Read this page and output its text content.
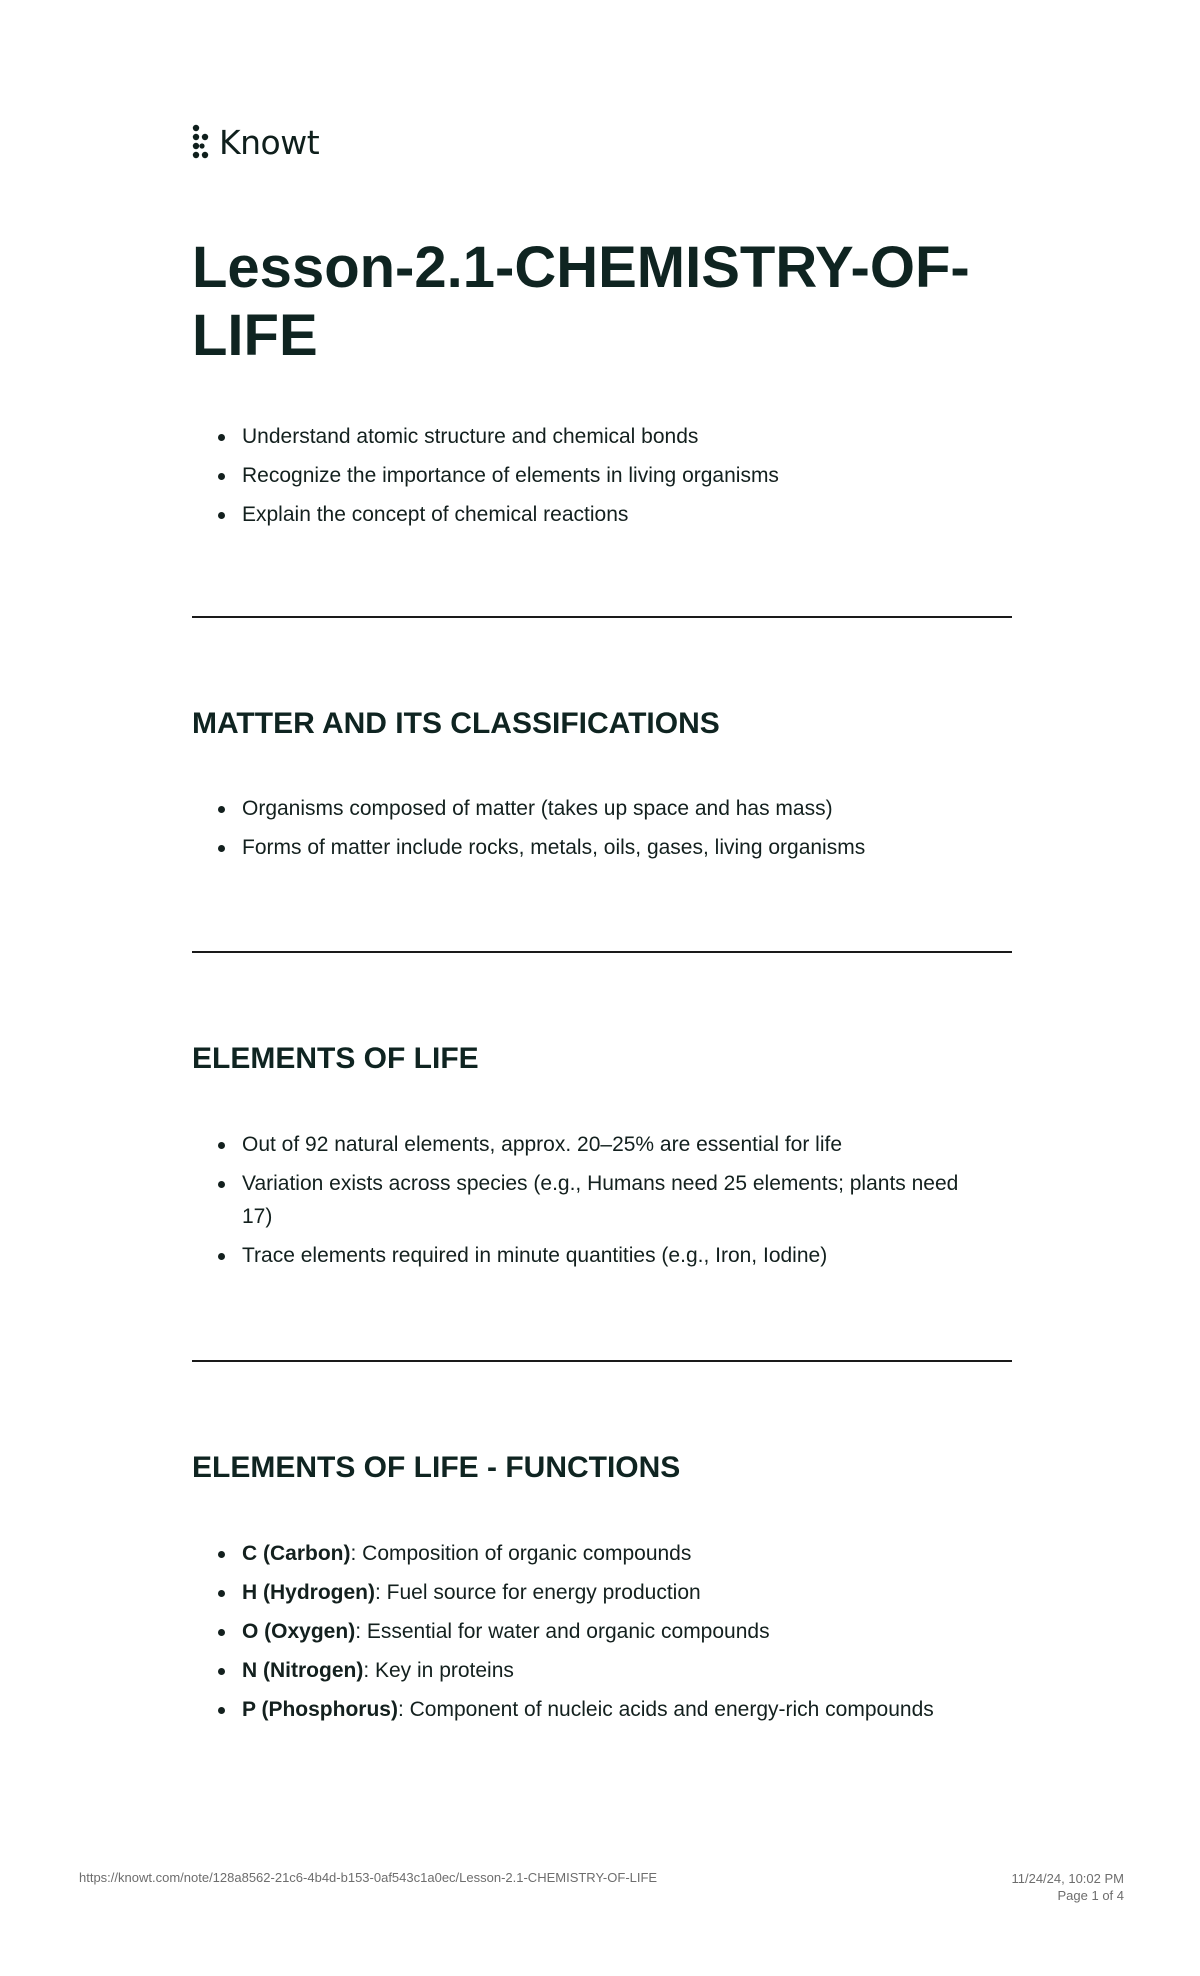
Knowt
Lesson-2.1-CHEMISTRY-OF-LIFE
Understand atomic structure and chemical bonds
Recognize the importance of elements in living organisms
Explain the concept of chemical reactions
MATTER AND ITS CLASSIFICATIONS
Organisms composed of matter (takes up space and has mass)
Forms of matter include rocks, metals, oils, gases, living organisms
ELEMENTS OF LIFE
Out of 92 natural elements, approx. 20–25% are essential for life
Variation exists across species (e.g., Humans need 25 elements; plants need 17)
Trace elements required in minute quantities (e.g., Iron, Iodine)
ELEMENTS OF LIFE - FUNCTIONS
C (Carbon): Composition of organic compounds
H (Hydrogen): Fuel source for energy production
O (Oxygen): Essential for water and organic compounds
N (Nitrogen): Key in proteins
P (Phosphorus): Component of nucleic acids and energy-rich compounds
https://knowt.com/note/128a8562-21c6-4b4d-b153-0af543c1a0ec/Lesson-2.1-CHEMISTRY-OF-LIFE	11/24/24, 10:02 PM
Page 1 of 4
